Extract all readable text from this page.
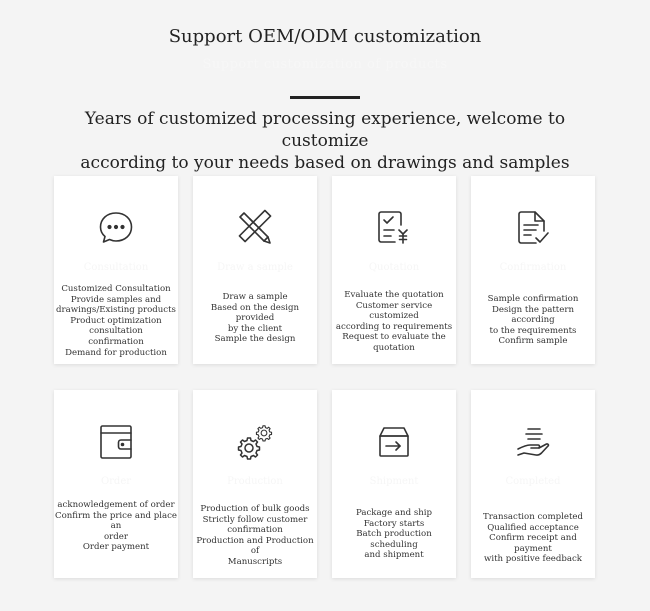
Support OEM/ODM customization
Support customization of products
Years of customized processing experience, welcome to customize
according to your needs based on drawings and samples
Consultation
Customized Consultation
Provide samples and
drawings/Existing products
Product optimization consultation
confirmation
Demand for production
Draw a sample
Draw a sample
Based on the design provided
by the client
Sample the design
Quotation
Evaluate the quotation
Customer service customized
according to requirements
Request to evaluate the
quotation
Confirmation
Sample confirmation
Design the pattern according
to the requirements
Confirm sample
Order
acknowledgement of order
Confirm the price and place an
order
Order payment
Production
Production of bulk goods
Strictly follow customer
confirmation
Production and Production of
Manuscripts
Shipment
Package and ship
Factory starts
Batch production scheduling
and shipment
Completed
Transaction completed
Qualified acceptance
Confirm receipt and payment
with positive feedback
